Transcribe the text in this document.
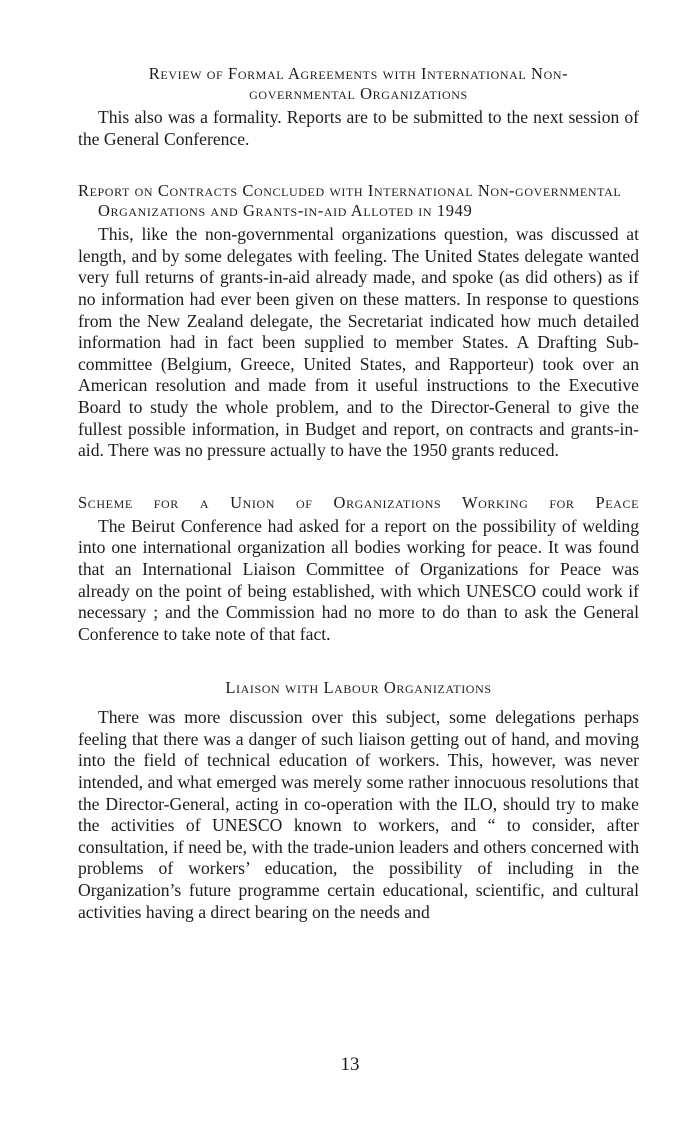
Review of Formal Agreements with International Non-
governmental Organizations

This also was a formality. Reports are to be submitted to the next session of the General Conference.

Report on Contracts Concluded with International Non-governmental Organizations and Grants-in-aid Alloted in 1949

This, like the non-governmental organizations question, was discussed at length, and by some delegates with feeling. The United States delegate wanted very full returns of grants-in-aid already made, and spoke (as did others) as if no information had ever been given on these matters. In response to questions from the New Zealand delegate, the Secretariat indicated how much detailed information had in fact been supplied to member States. A Drafting Sub-committee (Belgium, Greece, United States, and Rapporteur) took over an American resolution and made from it useful instructions to the Executive Board to study the whole problem, and to the Director-General to give the fullest possible information, in Budget and report, on contracts and grants-in-aid. There was no pressure actually to have the 1950 grants reduced.

Scheme for a Union of Organizations Working for Peace

The Beirut Conference had asked for a report on the possibility of welding into one international organization all bodies working for peace. It was found that an International Liaison Committee of Organizations for Peace was already on the point of being established, with which UNESCO could work if necessary ; and the Commission had no more to do than to ask the General Conference to take note of that fact.

Liaison with Labour Organizations

There was more discussion over this subject, some delegations perhaps feeling that there was a danger of such liaison getting out of hand, and moving into the field of technical education of workers. This, however, was never intended, and what emerged was merely some rather innocuous resolutions that the Director-General, acting in co-operation with the ILO, should try to make the activities of UNESCO known to workers, and “ to consider, after consultation, if need be, with the trade-union leaders and others concerned with problems of workers’ education, the possibility of including in the Organization’s future programme certain educational, scientific, and cultural activities having a direct bearing on the needs and

13
